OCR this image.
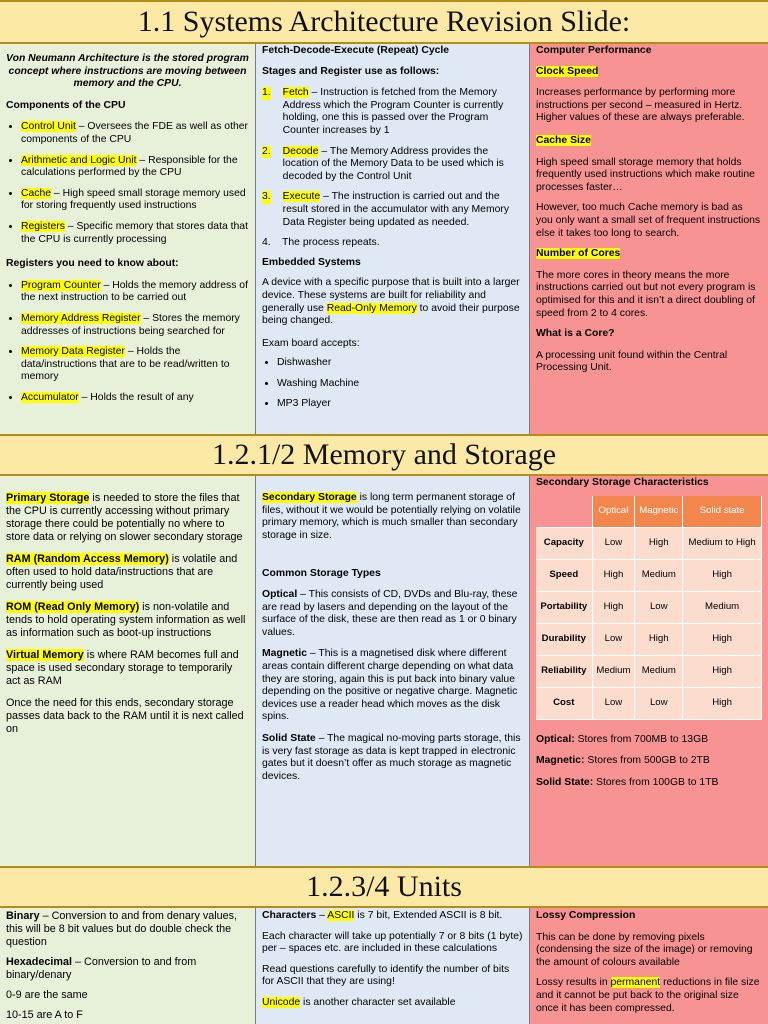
1.1 Systems Architecture Revision Slide:

Von Neumann Architecture is the stored program concept where instructions are moving between memory and the CPU.

Components of the CPU
• Control Unit – Oversees the FDE as well as other components of the CPU
• Arithmetic and Logic Unit – Responsible for the calculations performed by the CPU
• Cache – High speed small storage memory used for storing frequently used instructions
• Registers – Specific memory that stores data that the CPU is currently processing
Registers you need to know about:
• Program Counter – Holds the memory address of the next instruction to be carried out
• Memory Address Register – Stores the memory addresses of instructions being searched for
• Memory Data Register – Holds the data/instructions that are to be read/written to memory
• Accumulator – Holds the result of any
Fetch-Decode-Execute (Repeat) Cycle
Stages and Register use as follows:
1. Fetch – Instruction is fetched from the Memory Address which the Program Counter is currently holding, one this is passed over the Program Counter increases by 1
2. Decode – The Memory Address provides the location of the Memory Data to be used which is decoded by the Control Unit
3. Execute – The instruction is carried out and the result stored in the accumulator with any Memory Data Register being updated as needed.

4.    The process repeats.

Embedded Systems

A device with a specific purpose that is built into a larger device. These systems are built for reliability and generally use Read-Only Memory to avoid their purpose being changed.

Exam board accepts:

• Dishwasher
• Washing Machine
• MP3 Player
Computer Performance
Clock Speed

Increases performance by performing more instructions per second – measured in Hertz. Higher values of these are always preferable.

Cache Size

High speed small storage memory that holds frequently used instructions which make routine processes faster…

However, too much Cache memory is bad as you only want a small set of frequent instructions else it takes too long to search.

Number of Cores

The more cores in theory means the more instructions carried out but not every program is optimised for this and it isn’t a direct doubling of speed from 2 to 4 cores.

What is a Core?

A processing unit found within the Central Processing Unit.

1.2.1/2 Memory and Storage

Primary Storage is needed to store the files that the CPU is currently accessing without primary storage there could be potentially no where to store data or relying on slower secondary storage

RAM (Random Access Memory) is volatile and often used to hold data/instructions that are currently being used

ROM (Read Only Memory) is non-volatile and tends to hold operating system information as well as information such as boot-up instructions

Virtual Memory is where RAM becomes full and space is used secondary storage to temporarily act as RAM

Once the need for this ends, secondary storage passes data back to the RAM until it is next called on

Secondary Storage is long term permanent storage of files, without it we would be potentially relying on volatile primary memory, which is much smaller than secondary storage in size.

Common Storage Types

Optical – This consists of CD, DVDs and Blu-ray, these are read by lasers and depending on the layout of the surface of the disk, these are then read as 1 or 0 binary values.

Magnetic – This is a magnetised disk where different areas contain different charge depending on what data they are storing, again this is put back into binary value depending on the positive or negative charge. Magnetic devices use a reader head which moves as the disk spins.

Solid State – The magical no-moving parts storage, this is very fast storage as data is kept trapped in electronic gates but it doesn’t offer as much storage as magnetic devices.

Secondary Storage Characteristics
	Optical	Magnetic	Solid state
Capacity	Low	High	Medium to High
Speed	High	Medium	High
Portability	High	Low	Medium
Durability	Low	High	High
Reliability	Medium	Medium	High
Cost	Low	Low	High

Optical: Stores from 700MB to 13GB

Magnetic: Stores from 500GB to 2TB

Solid State: Stores from 100GB to 1TB

1.2.3/4 Units

Binary – Conversion to and from denary values, this will be 8 bit values but do double check the question

Hexadecimal – Conversion to and from binary/denary

0-9 are the same

10-15 are A to F

Characters – ASCII is 7 bit, Extended ASCII is 8 bit.

Each character will take up potentially 7 or 8 bits (1 byte) per – spaces etc. are included in these calculations

Read questions carefully to identify the number of bits for ASCII that they are using!

Unicode is another character set available

Lossy Compression

This can be done by removing pixels (condensing the size of the image) or removing the amount of colours available

Lossy results in permanent reductions in file size and it cannot be put back to the original size once it has been compressed.
